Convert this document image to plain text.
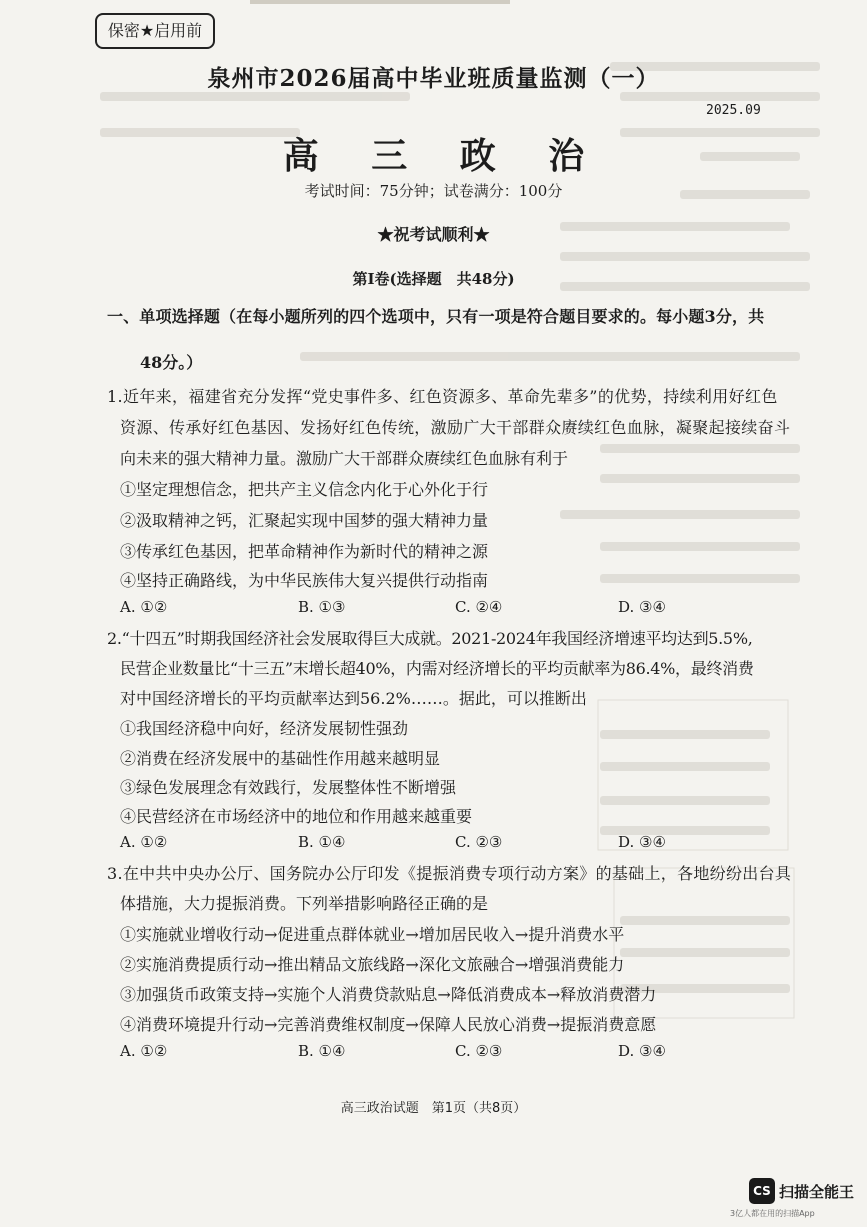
保密★启用前
泉州市2026届高中毕业班质量监测（一）
2025.09
高 三 政 治
考试时间：75分钟；试卷满分：100分
★祝考试顺利★
第Ⅰ卷(选择题　共48分)
一、单项选择题（在每小题所列的四个选项中，只有一项是符合题目要求的。每小题3分，共
48分。）
1.近年来，福建省充分发挥“党史事件多、红色资源多、革命先辈多”的优势，持续利用好红色
资源、传承好红色基因、发扬好红色传统，激励广大干部群众赓续红色血脉，凝聚起接续奋斗
向未来的强大精神力量。激励广大干部群众赓续红色血脉有利于
①坚定理想信念，把共产主义信念内化于心外化于行
②汲取精神之钙，汇聚起实现中国梦的强大精神力量
③传承红色基因，把革命精神作为新时代的精神之源
④坚持正确路线，为中华民族伟大复兴提供行动指南
A. ①②	B. ①③	C. ②④	D. ③④
2.“十四五”时期我国经济社会发展取得巨大成就。2021-2024年我国经济增速平均达到5.5%,
民营企业数量比“十三五”末增长超40%，内需对经济增长的平均贡献率为86.4%，最终消费
对中国经济增长的平均贡献率达到56.2%……。据此，可以推断出
①我国经济稳中向好，经济发展韧性强劲
②消费在经济发展中的基础性作用越来越明显
③绿色发展理念有效践行，发展整体性不断增强
④民营经济在市场经济中的地位和作用越来越重要
A. ①②	B. ①④	C. ②③	D. ③④
3.在中共中央办公厅、国务院办公厅印发《提振消费专项行动方案》的基础上，各地纷纷出台具
体措施，大力提振消费。下列举措影响路径正确的是
①实施就业增收行动→促进重点群体就业→增加居民收入→提升消费水平
②实施消费提质行动→推出精品文旅线路→深化文旅融合→增强消费能力
③加强货币政策支持→实施个人消费贷款贴息→降低消费成本→释放消费潜力
④消费环境提升行动→完善消费维权制度→保障人民放心消费→提振消费意愿
A. ①②	B. ①④	C. ②③	D. ③④
高三政治试题　第1页（共8页）
CS 扫描全能王
3亿人都在用的扫描App
